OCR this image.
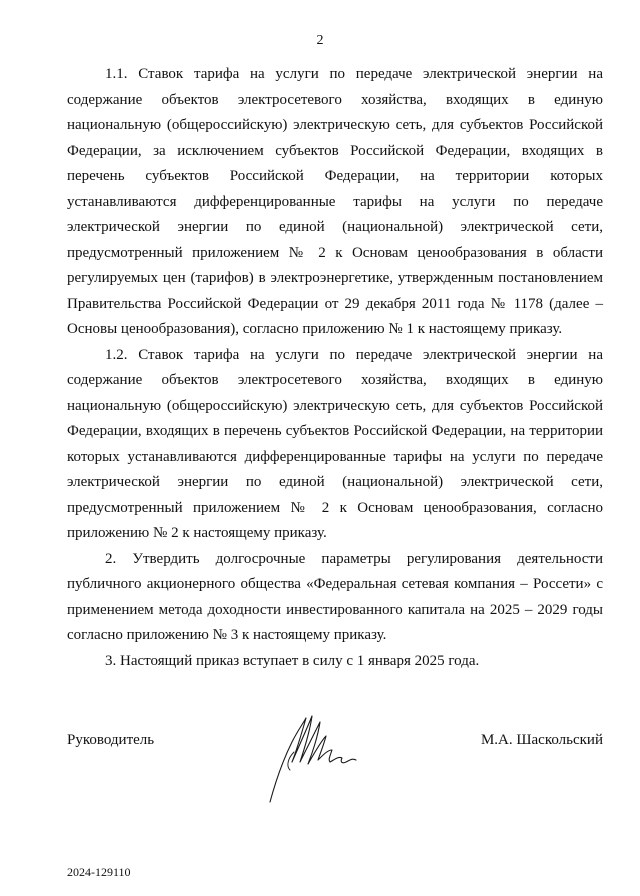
2

1.1. Ставок тарифа на услуги по передаче электрической энергии на содержание объектов электросетевого хозяйства, входящих в единую национальную (общероссийскую) электрическую сеть, для субъектов Российской Федерации, за исключением субъектов Российской Федерации, входящих в перечень субъектов Российской Федерации, на территории которых устанавливаются дифференцированные тарифы на услуги по передаче электрической энергии по единой (национальной) электрической сети, предусмотренный приложением № 2 к Основам ценообразования в области регулируемых цен (тарифов) в электроэнергетике, утвержденным постановлением Правительства Российской Федерации от 29 декабря 2011 года № 1178 (далее – Основы ценообразования), согласно приложению № 1 к настоящему приказу.

1.2. Ставок тарифа на услуги по передаче электрической энергии на содержание объектов электросетевого хозяйства, входящих в единую национальную (общероссийскую) электрическую сеть, для субъектов Российской Федерации, входящих в перечень субъектов Российской Федерации, на территории которых устанавливаются дифференцированные тарифы на услуги по передаче электрической энергии по единой (национальной) электрической сети, предусмотренный приложением № 2 к Основам ценообразования, согласно приложению № 2 к настоящему приказу.

2. Утвердить долгосрочные параметры регулирования деятельности публичного акционерного общества «Федеральная сетевая компания – Россети» с применением метода доходности инвестированного капитала на 2025 – 2029 годы согласно приложению № 3 к настоящему приказу.

3. Настоящий приказ вступает в силу с 1 января 2025 года.

Руководитель	М.А. Шаскольский
2024-129110
